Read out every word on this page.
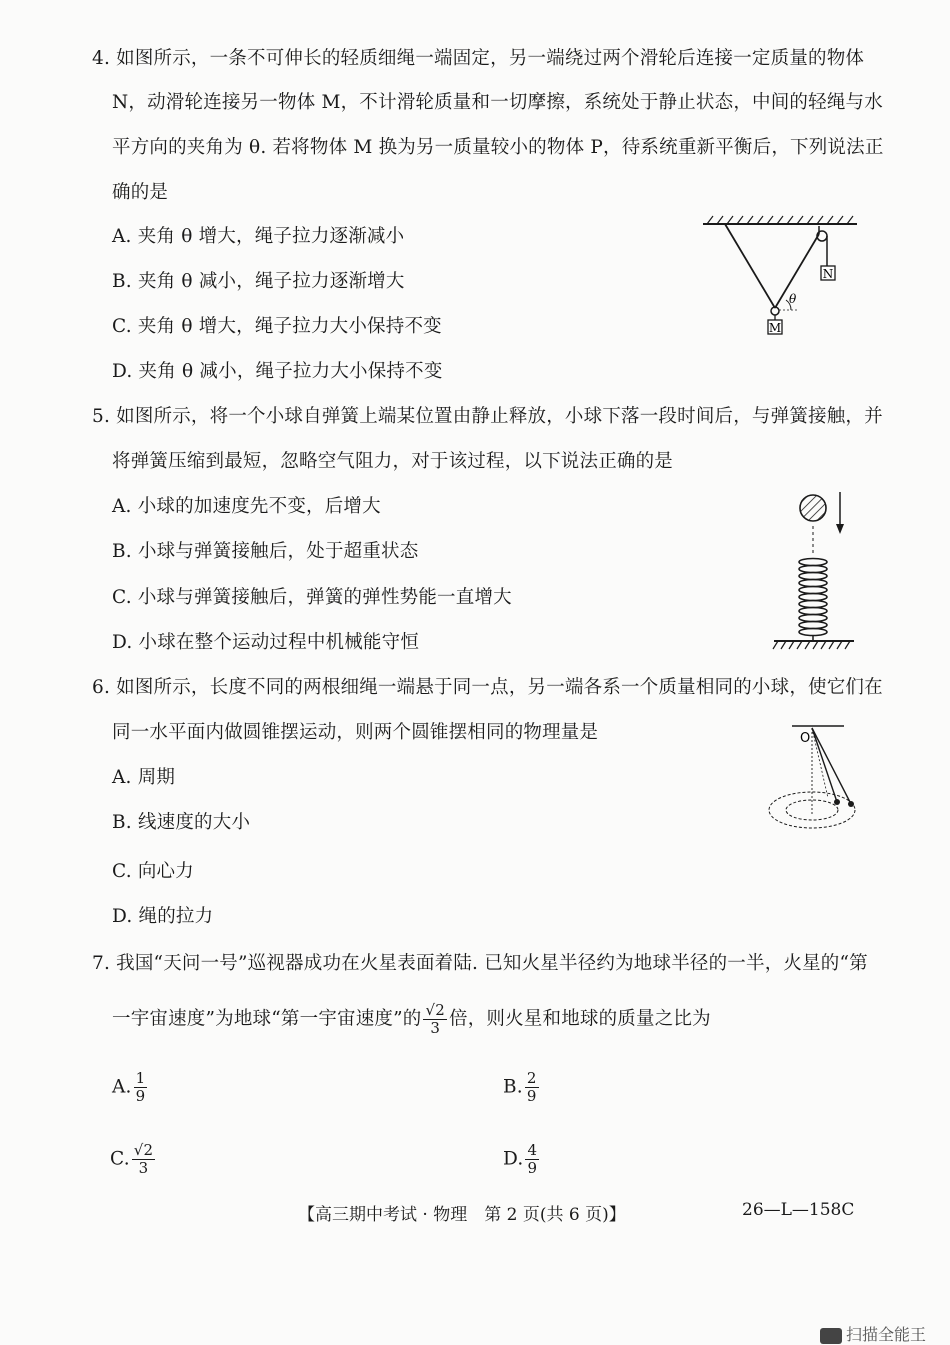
4. 如图所示，一条不可伸长的轻质细绳一端固定，另一端绕过两个滑轮后连接一定质量的物体
N，动滑轮连接另一物体 M，不计滑轮质量和一切摩擦，系统处于静止状态，中间的轻绳与水
平方向的夹角为 θ. 若将物体 M 换为另一质量较小的物体 P，待系统重新平衡后，下列说法正
确的是
A. 夹角 θ 增大，绳子拉力逐渐减小
B. 夹角 θ 减小，绳子拉力逐渐增大
C. 夹角 θ 增大，绳子拉力大小保持不变
D. 夹角 θ 减小，绳子拉力大小保持不变
N
M
θ
5. 如图所示，将一个小球自弹簧上端某位置由静止释放，小球下落一段时间后，与弹簧接触，并
将弹簧压缩到最短，忽略空气阻力，对于该过程，以下说法正确的是
A. 小球的加速度先不变，后增大
B. 小球与弹簧接触后，处于超重状态
C. 小球与弹簧接触后，弹簧的弹性势能一直增大
D. 小球在整个运动过程中机械能守恒
6. 如图所示，长度不同的两根细绳一端悬于同一点，另一端各系一个质量相同的小球，使它们在
同一水平面内做圆锥摆运动，则两个圆锥摆相同的物理量是
A. 周期
B. 线速度的大小
C. 向心力
D. 绳的拉力
O
7. 我国“天问一号”巡视器成功在火星表面着陆. 已知火星半径约为地球半径的一半，火星的“第
一宇宙速度”为地球“第一宇宙速度”的 $\frac{√2}{3}$ 倍，则火星和地球的质量之比为
A. $\frac{1}{9}$	B. $\frac{2}{9}$
C. $\frac{√2}{3}$	D. $\frac{4}{9}$
【高三期中考试 · 物理　第 2 页(共 6 页)】	26—L—158C
扫描全能王
